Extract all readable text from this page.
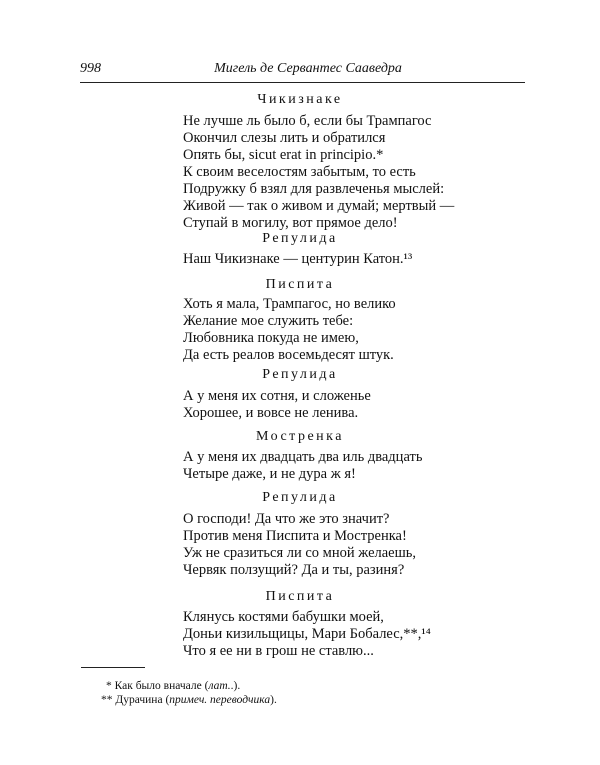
998	Мигель де Сервантес Сааведра
Чикизнаке
Не лучше ль было б, если бы Трампагос
Окончил слезы лить и обратился
Опять бы, sicut erat in principio.*
К своим веселостям забытым, то есть
Подружку б взял для развлеченья мыслей:
Живой — так о живом и думай; мертвый —
Ступай в могилу, вот прямое дело!
Репулида
Наш Чикизнаке — центурин Катон.¹³
Писпита
Хоть я мала, Трампагос, но велико
Желание мое служить тебе:
Любовника покуда не имею,
Да есть реалов восемьдесят штук.
Репулида
А у меня их сотня, и сложенье
Хорошее, и вовсе не ленива.
Мостренка
А у меня их двадцать два иль двадцать
Четыре даже, и не дура ж я!
Репулида
О господи! Да что же это значит?
Против меня Писпита и Мостренка!
Уж не сразиться ли со мной желаешь,
Червяк ползущий? Да и ты, разиня?
Писпита
Клянусь костями бабушки моей,
Доньи кизильщицы, Мари Бобалес,**,¹⁴
Что я ее ни в грош не ставлю...
* Как было вначале (лат..).
** Дурачина (примеч. переводчика).
